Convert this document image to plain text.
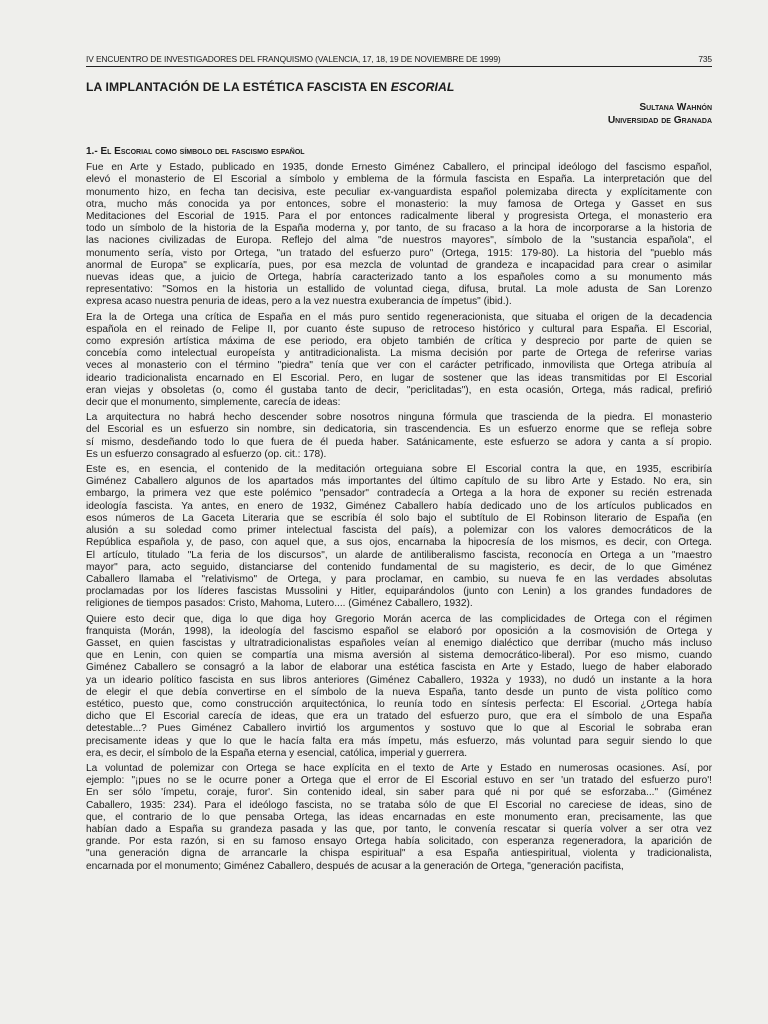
IV ENCUENTRO DE INVESTIGADORES DEL FRANQUISMO (VALENCIA, 17, 18, 19 DE NOVIEMBRE DE 1999)	735
LA IMPLANTACIÓN DE LA ESTÉTICA FASCISTA EN ESCORIAL
Sultana Wahnón
Universidad de Granada
1.- El Escorial como símbolo del fascismo español

Fue en Arte y Estado, publicado en 1935, donde Ernesto Giménez Caballero, el principal ideólogo del fascismo español,
elevó el monasterio de El Escorial a símbolo y emblema de la fórmula fascista en España. La interpretación que del
monumento hizo, en fecha tan decisiva, este peculiar ex-vanguardista español polemizaba directa y explícitamente con
otra, mucho más conocida ya por entonces, sobre el monasterio: la muy famosa de Ortega y Gasset en sus
Meditaciones del Escorial de 1915. Para el por entonces radicalmente liberal y progresista Ortega, el monasterio era
todo un símbolo de la historia de la España moderna y, por tanto, de su fracaso a la hora de incorporarse a la historia de
las naciones civilizadas de Europa. Reflejo del alma "de nuestros mayores", símbolo de la "sustancia española", el
monumento sería, visto por Ortega, "un tratado del esfuerzo puro" (Ortega, 1915: 179-80). La historia del "pueblo más
anormal de Europa" se explicaría, pues, por esa mezcla de voluntad de grandeza e incapacidad para crear o asimilar
nuevas ideas que, a juicio de Ortega, habría caracterizado tanto a los españoles como a su monumento más
representativo: "Somos en la historia un estallido de voluntad ciega, difusa, brutal. La mole adusta de San Lorenzo
expresa acaso nuestra penuria de ideas, pero a la vez nuestra exuberancia de ímpetus" (ibid.).

Era la de Ortega una crítica de España en el más puro sentido regeneracionista, que situaba el origen de la decadencia
española en el reinado de Felipe II, por cuanto éste supuso de retroceso histórico y cultural para España. El Escorial,
como expresión artística máxima de ese periodo, era objeto también de crítica y desprecio por parte de quien se
concebía como intelectual europeísta y antitradicionalista. La misma decisión por parte de Ortega de referirse varias
veces al monasterio con el término "piedra" tenía que ver con el carácter petrificado, inmovilista que Ortega atribuía al
ideario tradicionalista encarnado en El Escorial. Pero, en lugar de sostener que las ideas transmitidas por El Escorial
eran viejas y obsoletas (o, como él gustaba tanto de decir, "periclitadas"), en esta ocasión, Ortega, más radical, prefirió
decir que el monumento, simplemente, carecía de ideas:

La arquitectura no habrá hecho descender sobre nosotros ninguna fórmula que trascienda de la piedra. El monasterio
del Escorial es un esfuerzo sin nombre, sin dedicatoria, sin trascendencia. Es un esfuerzo enorme que se refleja sobre
sí mismo, desdeñando todo lo que fuera de él pueda haber. Satánicamente, este esfuerzo se adora y canta a sí propio.
Es un esfuerzo consagrado al esfuerzo (op. cit.: 178).

Éste es, en esencia, el contenido de la meditación orteguiana sobre El Escorial contra la que, en 1935, escribiría
Giménez Caballero algunos de los apartados más importantes del último capítulo de su libro Arte y Estado. No era, sin
embargo, la primera vez que este polémico "pensador" contradecía a Ortega a la hora de exponer su recién estrenada
ideología fascista. Ya antes, en enero de 1932, Giménez Caballero había dedicado uno de los artículos publicados en
esos números de La Gaceta Literaria que se escribía él solo bajo el subtítulo de El Robinson literario de España (en
alusión a su soledad como primer intelectual fascista del país), a polemizar con los valores democráticos de la
República española y, de paso, con aquel que, a sus ojos, encarnaba la hipocresía de los mismos, es decir, con Ortega.
El artículo, titulado "La feria de los discursos", un alarde de antiliberalismo fascista, reconocía en Ortega a un "maestro
mayor" para, acto seguido, distanciarse del contenido fundamental de su magisterio, es decir, de lo que Giménez
Caballero llamaba el "relativismo" de Ortega, y para proclamar, en cambio, su nueva fe en las verdades absolutas
proclamadas por los líderes fascistas Mussolini y Hitler, equiparándolos (junto con Lenin) a los grandes fundadores de
religiones de tiempos pasados: Cristo, Mahoma, Lutero.... (Giménez Caballero, 1932).

Quiere esto decir que, diga lo que diga hoy Gregorio Morán acerca de las complicidades de Ortega con el régimen
franquista (Morán, 1998), la ideología del fascismo español se elaboró por oposición a la cosmovisión de Ortega y
Gasset, en quien fascistas y ultratradicionalistas españoles veían al enemigo dialéctico que derribar (mucho más incluso
que en Lenin, con quien se compartía una misma aversión al sistema democrático-liberal). Por eso mismo, cuando
Giménez Caballero se consagró a la labor de elaborar una estética fascista en Arte y Estado, luego de haber elaborado
ya un ideario político fascista en sus libros anteriores (Giménez Caballero, 1932a y 1933), no dudó un instante a la hora
de elegir el que debía convertirse en el símbolo de la nueva España, tanto desde un punto de vista político como
estético, puesto que, como construcción arquitectónica, lo reunía todo en síntesis perfecta: El Escorial. ¿Ortega había
dicho que El Escorial carecía de ideas, que era un tratado del esfuerzo puro, que era el símbolo de una España
detestable...? Pues Giménez Caballero invirtió los argumentos y sostuvo que lo que al Escorial le sobraba eran
precisamente ideas y que lo que le hacía falta era más ímpetu, más esfuerzo, más voluntad para seguir siendo lo que
era, es decir, el símbolo de la España eterna y esencial, católica, imperial y guerrera.

La voluntad de polemizar con Ortega se hace explícita en el texto de Arte y Estado en numerosas ocasiones. Así, por
ejemplo: "¡pues no se le ocurre poner a Ortega que el error de El Escorial estuvo en ser 'un tratado del esfuerzo puro'!
En ser sólo 'ímpetu, coraje, furor'. Sin contenido ideal, sin saber para qué ni por qué se esforzaba..." (Giménez
Caballero, 1935: 234). Para el ideólogo fascista, no se trataba sólo de que El Escorial no careciese de ideas, sino de
que, el contrario de lo que pensaba Ortega, las ideas encarnadas en este monumento eran, precisamente, las que
habían dado a España su grandeza pasada y las que, por tanto, le convenía rescatar si quería volver a ser otra vez
grande. Por esta razón, si en su famoso ensayo Ortega había solicitado, con esperanza regeneradora, la aparición de
"una generación digna de arrancarle la chispa espiritual" a esa España antiespiritual, violenta y tradicionalista,
encarnada por el monumento; Giménez Caballero, después de acusar a la generación de Ortega, "generación pacifista,
